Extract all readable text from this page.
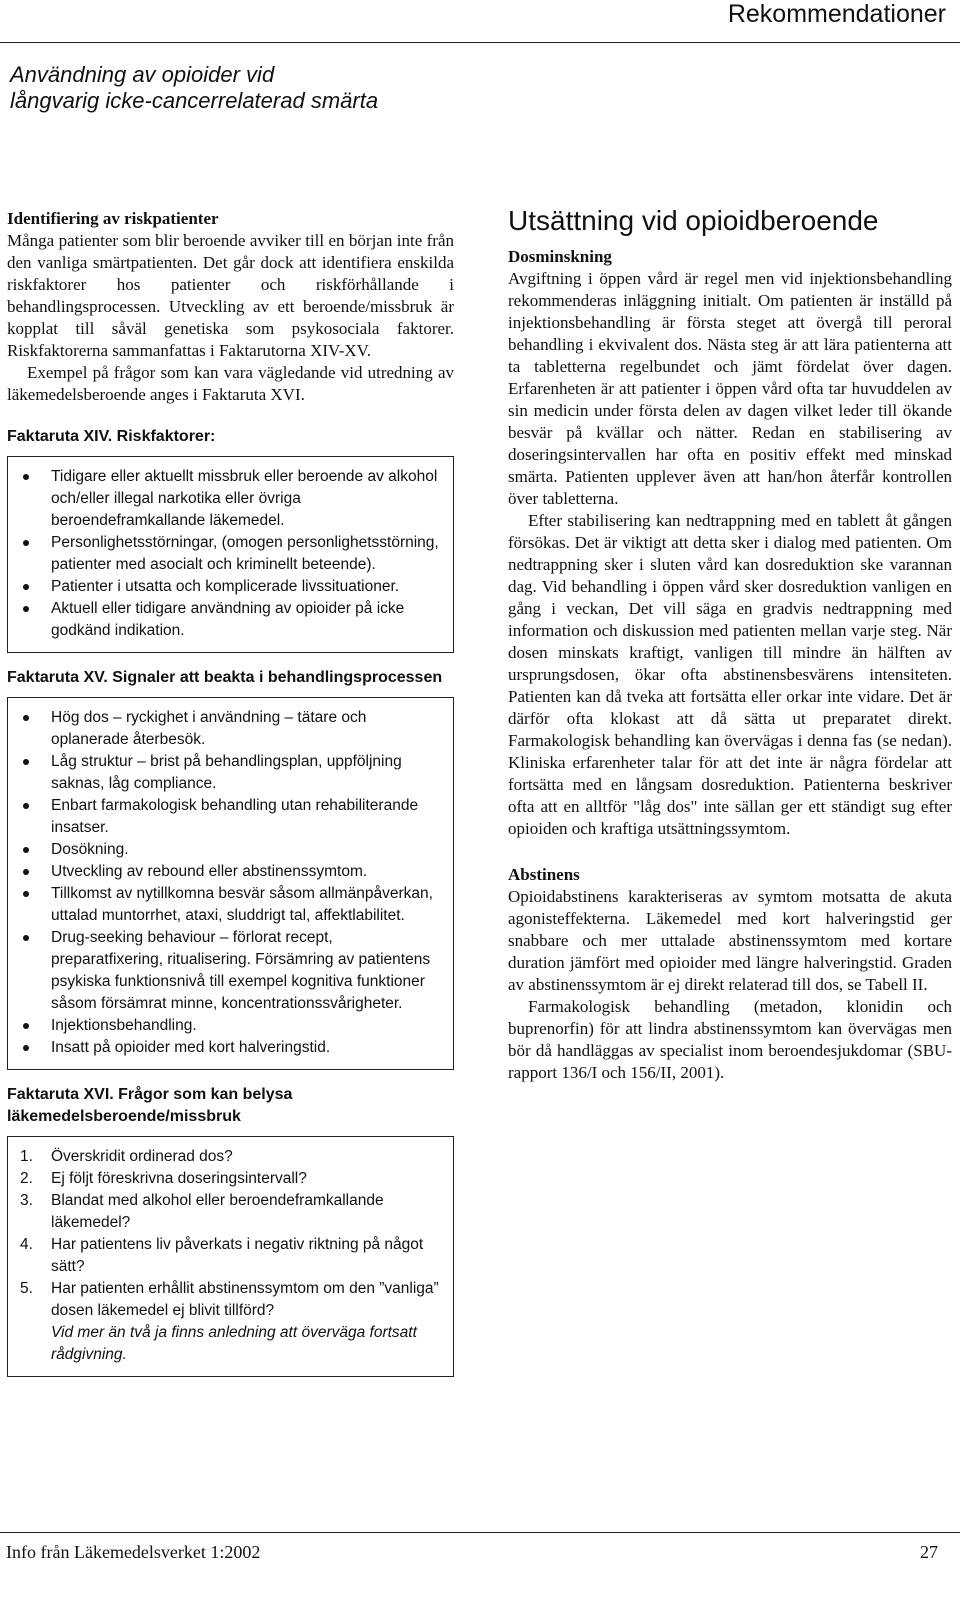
Rekommendationer
Användning av opioider vid
långvarig icke-cancerrelaterad smärta
Identifiering av riskpatienter

Många patienter som blir beroende avviker till en början inte från den vanliga smärtpatienten. Det går dock att identifiera enskilda riskfaktorer hos patienter och riskförhållande i behandlingsprocessen. Utveckling av ett beroende/missbruk är kopplat till såväl genetiska som psykosociala faktorer. Riskfaktorerna sammanfattas i Faktarutorna XIV-XV.

Exempel på frågor som kan vara vägledande vid utredning av läkemedelsberoende anges i Faktaruta XVI.

Faktaruta XIV. Riskfaktorer:
Tidigare eller aktuellt missbruk eller beroende av alkohol och/eller illegal narkotika eller övriga beroendeframkallande läkemedel.
Personlighetsstörningar, (omogen personlighetsstörning, patienter med asocialt och kriminellt beteende).
Patienter i utsatta och komplicerade livssituationer.
Aktuell eller tidigare användning av opioider på icke godkänd indikation.
Faktaruta XV. Signaler att beakta i behandlingsprocessen
Hög dos – ryckighet i användning – tätare och oplanerade återbesök.
Låg struktur – brist på behandlingsplan, uppföljning saknas, låg compliance.
Enbart farmakologisk behandling utan rehabiliterande insatser.
Dosökning.
Utveckling av rebound eller abstinenssymtom.
Tillkomst av nytillkomna besvär såsom allmänpåverkan, uttalad muntorrhet, ataxi, sluddrigt tal, affektlabilitet.
Drug-seeking behaviour – förlorat recept, preparatfixering, ritualisering. Försämring av patientens psykiska funktionsnivå till exempel kognitiva funktioner såsom försämrat minne, koncentrationssvårigheter.
Injektionsbehandling.
Insatt på opioider med kort halveringstid.
Faktaruta XVI. Frågor som kan belysa läkemedelsberoende/missbruk
1. Överskridit ordinerad dos?
2. Ej följt föreskrivna doseringsintervall?
3. Blandat med alkohol eller beroendeframkallande läkemedel?
4. Har patientens liv påverkats i negativ riktning på något sätt?
5. Har patienten erhållit abstinenssymtom om den ”vanliga” dosen läkemedel ej blivit tillförd?
Vid mer än två ja finns anledning att överväga fortsatt rådgivning.
Utsättning vid opioidberoende
Dosminskning

Avgiftning i öppen vård är regel men vid injektionsbehandling rekommenderas inläggning initialt. Om patienten är inställd på injektionsbehandling är första steget att övergå till peroral behandling i ekvivalent dos. Nästa steg är att lära patienterna att ta tabletterna regelbundet och jämt fördelat över dagen. Erfarenheten är att patienter i öppen vård ofta tar huvuddelen av sin medicin under första delen av dagen vilket leder till ökande besvär på kvällar och nätter. Redan en stabilisering av doseringsintervallen har ofta en positiv effekt med minskad smärta. Patienten upplever även att han/hon återfår kontrollen över tabletterna.

Efter stabilisering kan nedtrappning med en tablett åt gången försökas. Det är viktigt att detta sker i dialog med patienten. Om nedtrappning sker i sluten vård kan dosreduktion ske varannan dag. Vid behandling i öppen vård sker dosreduktion vanligen en gång i veckan, Det vill säga en gradvis nedtrappning med information och diskussion med patienten mellan varje steg. När dosen minskats kraftigt, vanligen till mindre än hälften av ursprungsdosen, ökar ofta abstinensbesvärens intensiteten. Patienten kan då tveka att fortsätta eller orkar inte vidare. Det är därför ofta klokast att då sätta ut preparatet direkt. Farmakologisk behandling kan övervägas i denna fas (se nedan). Kliniska erfarenheter talar för att det inte är några fördelar att fortsätta med en långsam dosreduktion. Patienterna beskriver ofta att en alltför "låg dos" inte sällan ger ett ständigt sug efter opioiden och kraftiga utsättningssymtom.

Abstinens

Opioidabstinens karakteriseras av symtom motsatta de akuta agonisteffekterna. Läkemedel med kort halveringstid ger snabbare och mer uttalade abstinenssymtom med kortare duration jämfört med opioider med längre halveringstid. Graden av abstinenssymtom är ej direkt relaterad till dos, se Tabell II.

Farmakologisk behandling (metadon, klonidin och buprenorfin) för att lindra abstinenssymtom kan övervägas men bör då handläggas av specialist inom beroendesjukdomar (SBU-rapport 136/I och 156/II, 2001).

Info från Läkemedelsverket 1:2002	27
